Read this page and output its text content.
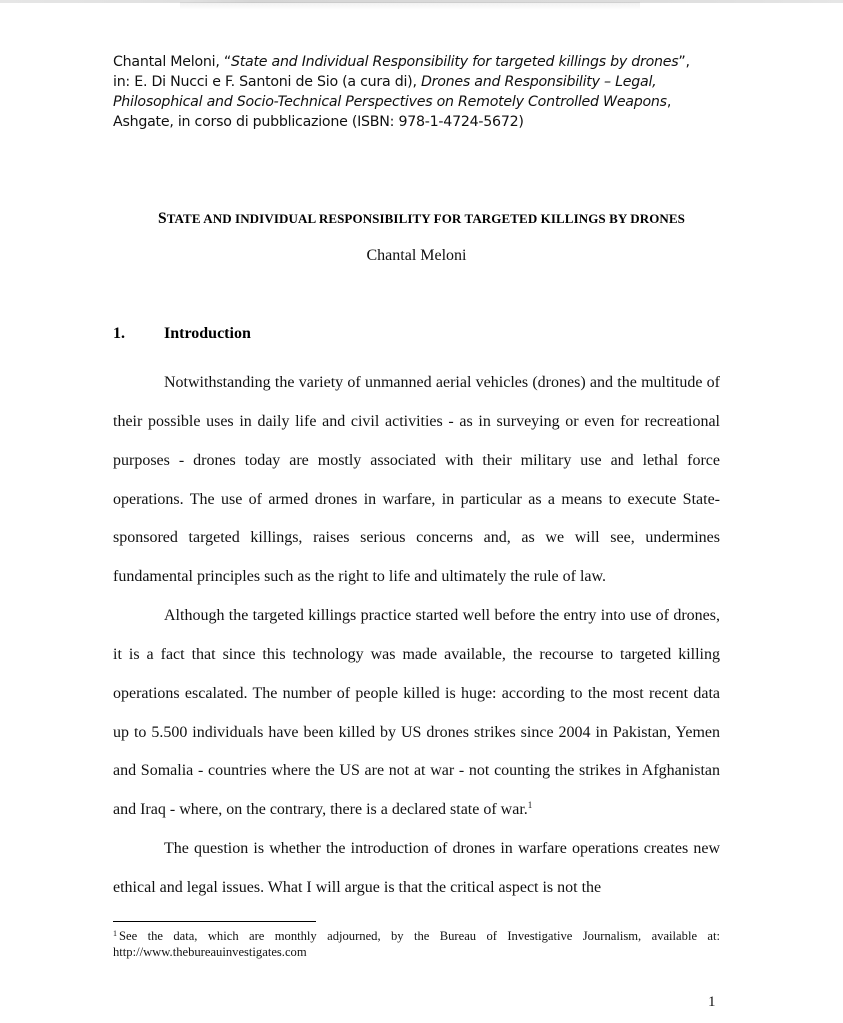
Chantal Meloni, “State and Individual Responsibility for targeted killings by drones”,
in: E. Di Nucci e F. Santoni de Sio (a cura di), Drones and Responsibility – Legal,
Philosophical and Socio-Technical Perspectives on Remotely Controlled Weapons,
Ashgate, in corso di pubblicazione (ISBN: 978-1-4724-5672)
STATE AND INDIVIDUAL RESPONSIBILITY FOR TARGETED KILLINGS BY DRONES
Chantal Meloni
1. Introduction

Notwithstanding the variety of unmanned aerial vehicles (drones) and the multitude of their possible uses in daily life and civil activities - as in surveying or even for recreational purposes - drones today are mostly associated with their military use and lethal force operations. The use of armed drones in warfare, in particular as a means to execute State-sponsored targeted killings, raises serious concerns and, as we will see, undermines fundamental principles such as the right to life and ultimately the rule of law.

Although the targeted killings practice started well before the entry into use of drones, it is a fact that since this technology was made available, the recourse to targeted killing operations escalated. The number of people killed is huge: according to the most recent data up to 5.500 individuals have been killed by US drones strikes since 2004 in Pakistan, Yemen and Somalia - countries where the US are not at war - not counting the strikes in Afghanistan and Iraq - where, on the contrary, there is a declared state of war.$^1$

The question is whether the introduction of drones in warfare operations creates new ethical and legal issues. What I will argue is that the critical aspect is not the

$^1$ See the data, which are monthly adjourned, by the Bureau of Investigative Journalism, available at: http://www.thebureauinvestigates.com
1
